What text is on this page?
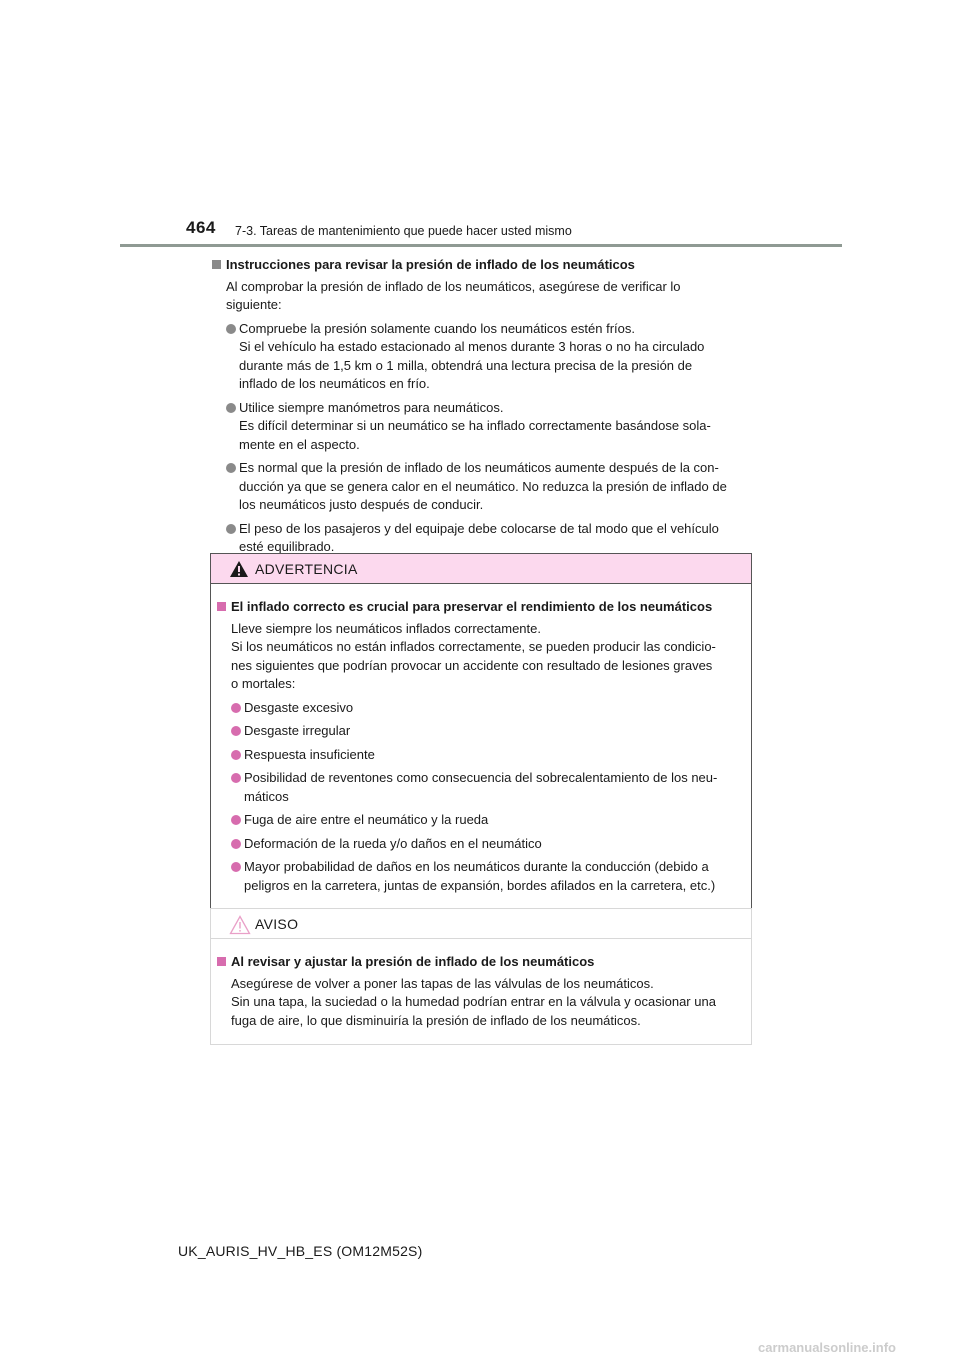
464 7-3. Tareas de mantenimiento que puede hacer usted mismo
Instrucciones para revisar la presión de inflado de los neumáticos
Al comprobar la presión de inflado de los neumáticos, asegúrese de verificar lo
siguiente:
Compruebe la presión solamente cuando los neumáticos estén fríos.
Si el vehículo ha estado estacionado al menos durante 3 horas o no ha circulado
durante más de 1,5 km o 1 milla, obtendrá una lectura precisa de la presión de
inflado de los neumáticos en frío.
Utilice siempre manómetros para neumáticos.
Es difícil determinar si un neumático se ha inflado correctamente basándose sola-
mente en el aspecto.
Es normal que la presión de inflado de los neumáticos aumente después de la con-
ducción ya que se genera calor en el neumático. No reduzca la presión de inflado de
los neumáticos justo después de conducir.
El peso de los pasajeros y del equipaje debe colocarse de tal modo que el vehículo
esté equilibrado.
ADVERTENCIA
El inflado correcto es crucial para preservar el rendimiento de los neumáticos
Lleve siempre los neumáticos inflados correctamente.
Si los neumáticos no están inflados correctamente, se pueden producir las condicio-
nes siguientes que podrían provocar un accidente con resultado de lesiones graves
o mortales:
Desgaste excesivo
Desgaste irregular
Respuesta insuficiente
Posibilidad de reventones como consecuencia del sobrecalentamiento de los neu-
máticos
Fuga de aire entre el neumático y la rueda
Deformación de la rueda y/o daños en el neumático
Mayor probabilidad de daños en los neumáticos durante la conducción (debido a
peligros en la carretera, juntas de expansión, bordes afilados en la carretera, etc.)
AVISO
Al revisar y ajustar la presión de inflado de los neumáticos
Asegúrese de volver a poner las tapas de las válvulas de los neumáticos.
Sin una tapa, la suciedad o la humedad podrían entrar en la válvula y ocasionar una
fuga de aire, lo que disminuiría la presión de inflado de los neumáticos.
UK_AURIS_HV_HB_ES (OM12M52S)
carmanualsonline.info
